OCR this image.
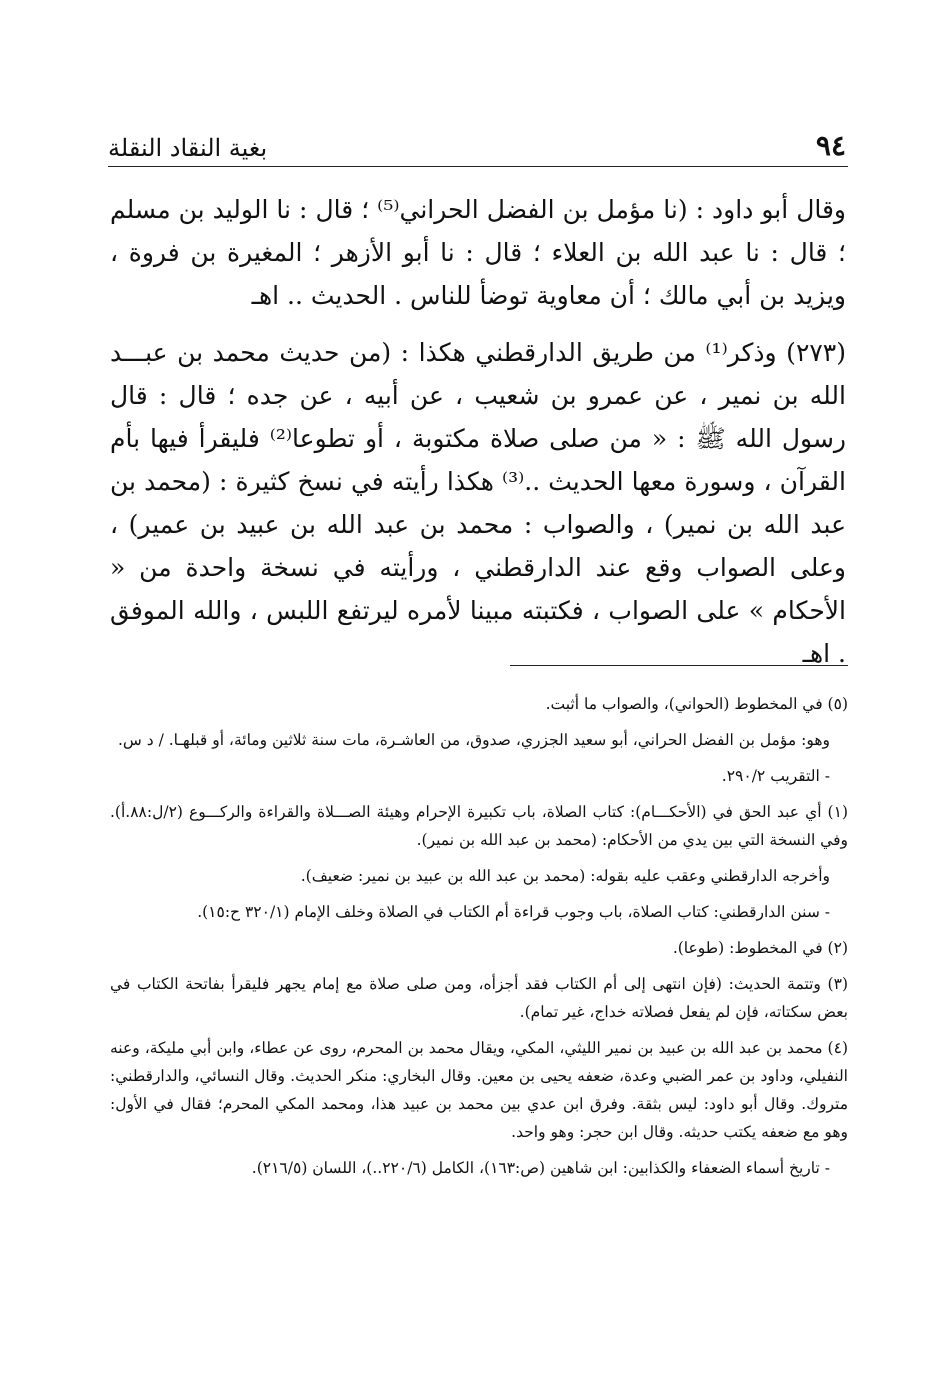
٩٤
بغية النقاد النقلة

وقال أبو داود : (نا مؤمل بن الفضل الحراني⁽⁵⁾ ؛ قال : نا الوليد بن مسلم ؛ قال : نا عبد الله بن العلاء ؛ قال : نا أبو الأزهر ؛ المغيرة بن فروة ، ويزيد بن أبي مالك ؛ أن معاوية توضأ للناس . الحديث .. اهـ

(٢٧٣) وذكر⁽¹⁾ من طريق الدارقطني هكذا : (من حديث محمد بن عبـــد الله بن نمير ، عن عمرو بن شعيب ، عن أبيه ، عن جده ؛ قال : قال رسول الله ﷺ : « من صلى صلاة مكتوبة ، أو تطوعا⁽²⁾ فليقرأ فيها بأم القرآن ، وسورة معها الحديث ..⁽³⁾ هكذا رأيته في نسخ كثيرة : (محمد بن عبد الله بن نمير) ، والصواب : محمد بن عبد الله بن عبيد بن عمير) ، وعلى الصواب وقع عند الدارقطني ، ورأيته في نسخة واحدة من « الأحكام » على الصواب ، فكتبته مبينا لأمره ليرتفع اللبس ، والله الموفق . اهـ

(٥) في المخطوط (الحواني)، والصواب ما أثبت.

وهو: مؤمل بن الفضل الحراني، أبو سعيد الجزري، صدوق، من العاشـرة، مات سنة ثلاثين ومائة، أو قبلهـا. / د س.

- التقريب ٢٩٠/٢.

(١) أي عبد الحق في (الأحكـــام): كتاب الصلاة، باب تكبيرة الإحرام وهيئة الصـــلاة والقراءة والركـــوع (٢/ل:٨٨.أ). وفي النسخة التي بين يدي من الأحكام: (محمد بن عبد الله بن نمير).

وأخرجه الدارقطني وعقب عليه بقوله: (محمد بن عبد الله بن عبيد بن نمير: ضعيف).

- سنن الدارقطني: كتاب الصلاة، باب وجوب قراءة أم الكتاب في الصلاة وخلف الإمام (٣٢٠/١ ح:١٥).

(٢) في المخطوط: (طوعا).

(٣) وتتمة الحديث: (فإن انتهى إلى أم الكتاب فقد أجزأه، ومن صلى صلاة مع إمام يجهر فليقرأ بفاتحة الكتاب في بعض سكتاته، فإن لم يفعل فصلاته خداج، غير تمام).

(٤) محمد بن عبد الله بن عبيد بن نمير الليثي، المكي، ويقال محمد بن المحرم، روى عن عطاء، وابن أبي مليكة، وعنه النفيلي، وداود بن عمر الضبي وعدة، ضعفه يحيى بن معين. وقال البخاري: منكر الحديث. وقال النسائي، والدارقطني: متروك. وقال أبو داود: ليس بثقة. وفرق ابن عدي بين محمد بن عبيد هذا، ومحمد المكي المحرم؛ فقال في الأول: وهو مع ضعفه يكتب حديثه. وقال ابن حجر: وهو واحد.

- تاريخ أسماء الضعفاء والكذابين: ابن شاهين (ص:١٦٣)، الكامل (٢٢٠/٦..)، اللسان (٢١٦/٥).
